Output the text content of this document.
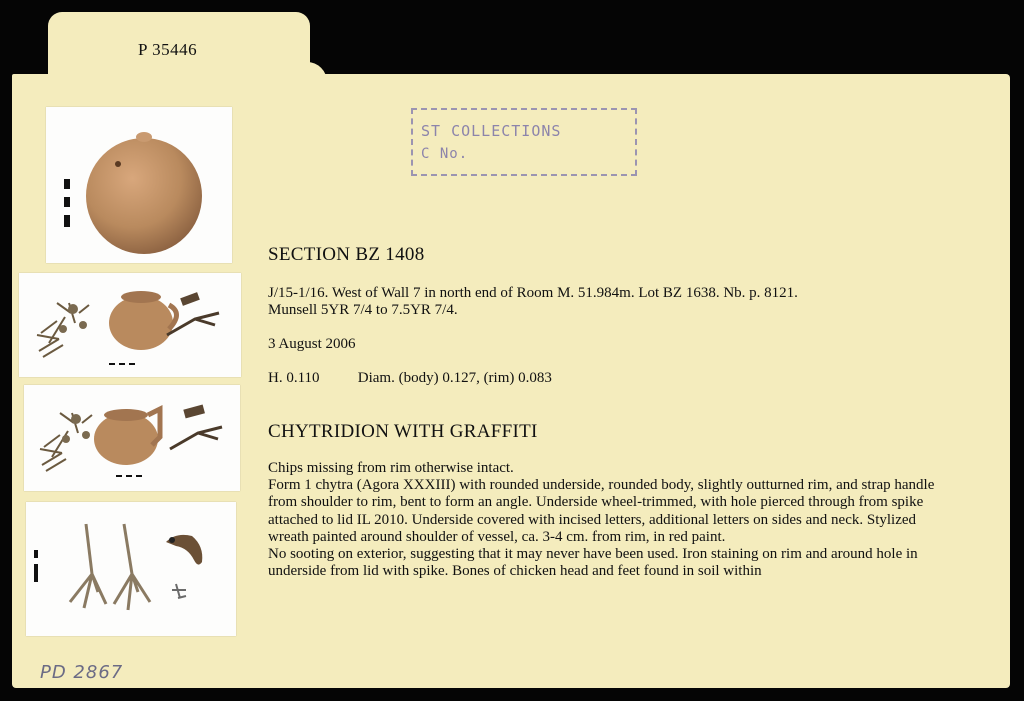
P 35446
ST COLLECTIONS
C No.
PD 2867
SECTION BZ 1408
J/15-1/16. West of Wall 7 in north end of Room M. 51.984m. Lot BZ 1638. Nb. p. 8121.
Munsell 5YR 7/4 to 7.5YR 7/4.
3 August 2006
H. 0.110	Diam. (body) 0.127, (rim) 0.083
CHYTRIDION WITH GRAFFITI

Chips missing from rim otherwise intact.

Form 1 chytra (Agora XXXIII) with rounded underside, rounded body, slightly outturned rim, and strap handle from shoulder to rim, bent to form an angle. Underside wheel-trimmed, with hole pierced through from spike attached to lid IL 2010. Underside covered with incised letters, additional letters on sides and neck. Stylized wreath painted around shoulder of vessel, ca. 3-4 cm. from rim, in red paint.

No sooting on exterior, suggesting that it may never have been used. Iron staining on rim and around hole in underside from lid with spike. Bones of chicken head and feet found in soil within
